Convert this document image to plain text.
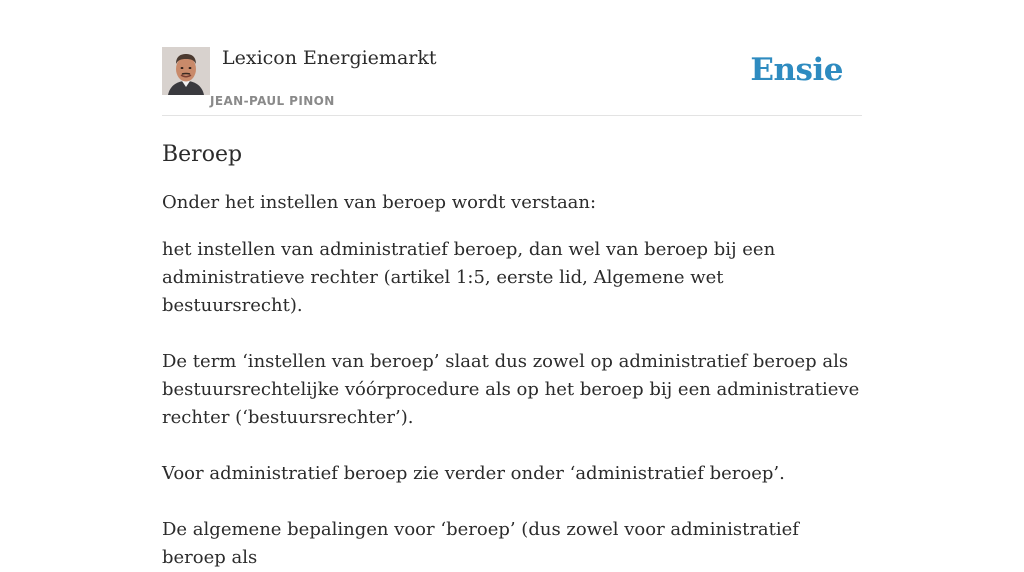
Lexicon Energiemarkt
JEAN-PAUL PINON
Ensie
Beroep

Onder het instellen van beroep wordt verstaan:

het instellen van administratief beroep, dan wel van beroep bij een administratieve rechter (artikel 1:5, eerste lid, Algemene wet bestuursrecht).

De term ‘instellen van beroep’ slaat dus zowel op administratief beroep als bestuursrechtelijke vóórprocedure als op het beroep bij een administratieve rechter (‘bestuursrechter’).

Voor administratief beroep zie verder onder ‘administratief beroep’.

De algemene bepalingen voor ‘beroep’ (dus zowel voor administratief beroep als
